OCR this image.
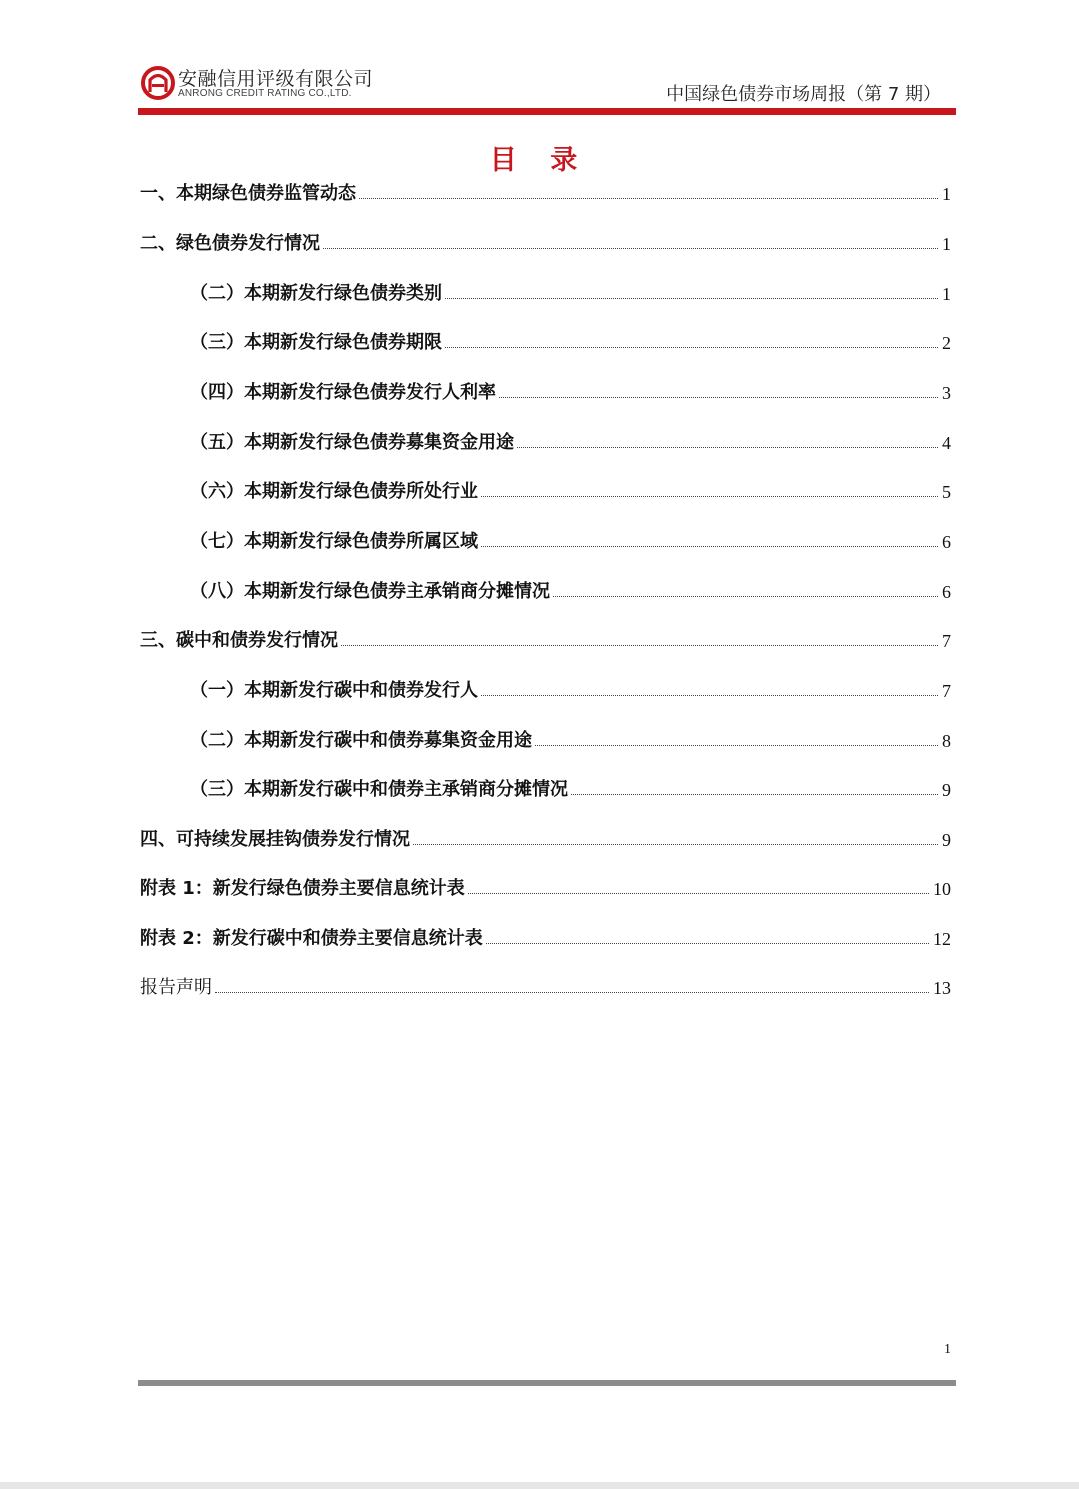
安融信用评级有限公司
ANRONG CREDIT RATING CO.,LTD.	中国绿色债券市场周报（第 7 期）
目 录
一、本期绿色债券监管动态	1
二、绿色债券发行情况	1
（二）本期新发行绿色债券类别	1
（三）本期新发行绿色债券期限	2
（四）本期新发行绿色债券发行人利率	3
（五）本期新发行绿色债券募集资金用途	4
（六）本期新发行绿色债券所处行业	5
（七）本期新发行绿色债券所属区域	6
（八）本期新发行绿色债券主承销商分摊情况	6
三、碳中和债券发行情况	7
（一）本期新发行碳中和债券发行人	7
（二）本期新发行碳中和债券募集资金用途	8
（三）本期新发行碳中和债券主承销商分摊情况	9
四、可持续发展挂钩债券发行情况	9
附表 1：新发行绿色债券主要信息统计表	10
附表 2：新发行碳中和债券主要信息统计表	12
报告声明	13
1
